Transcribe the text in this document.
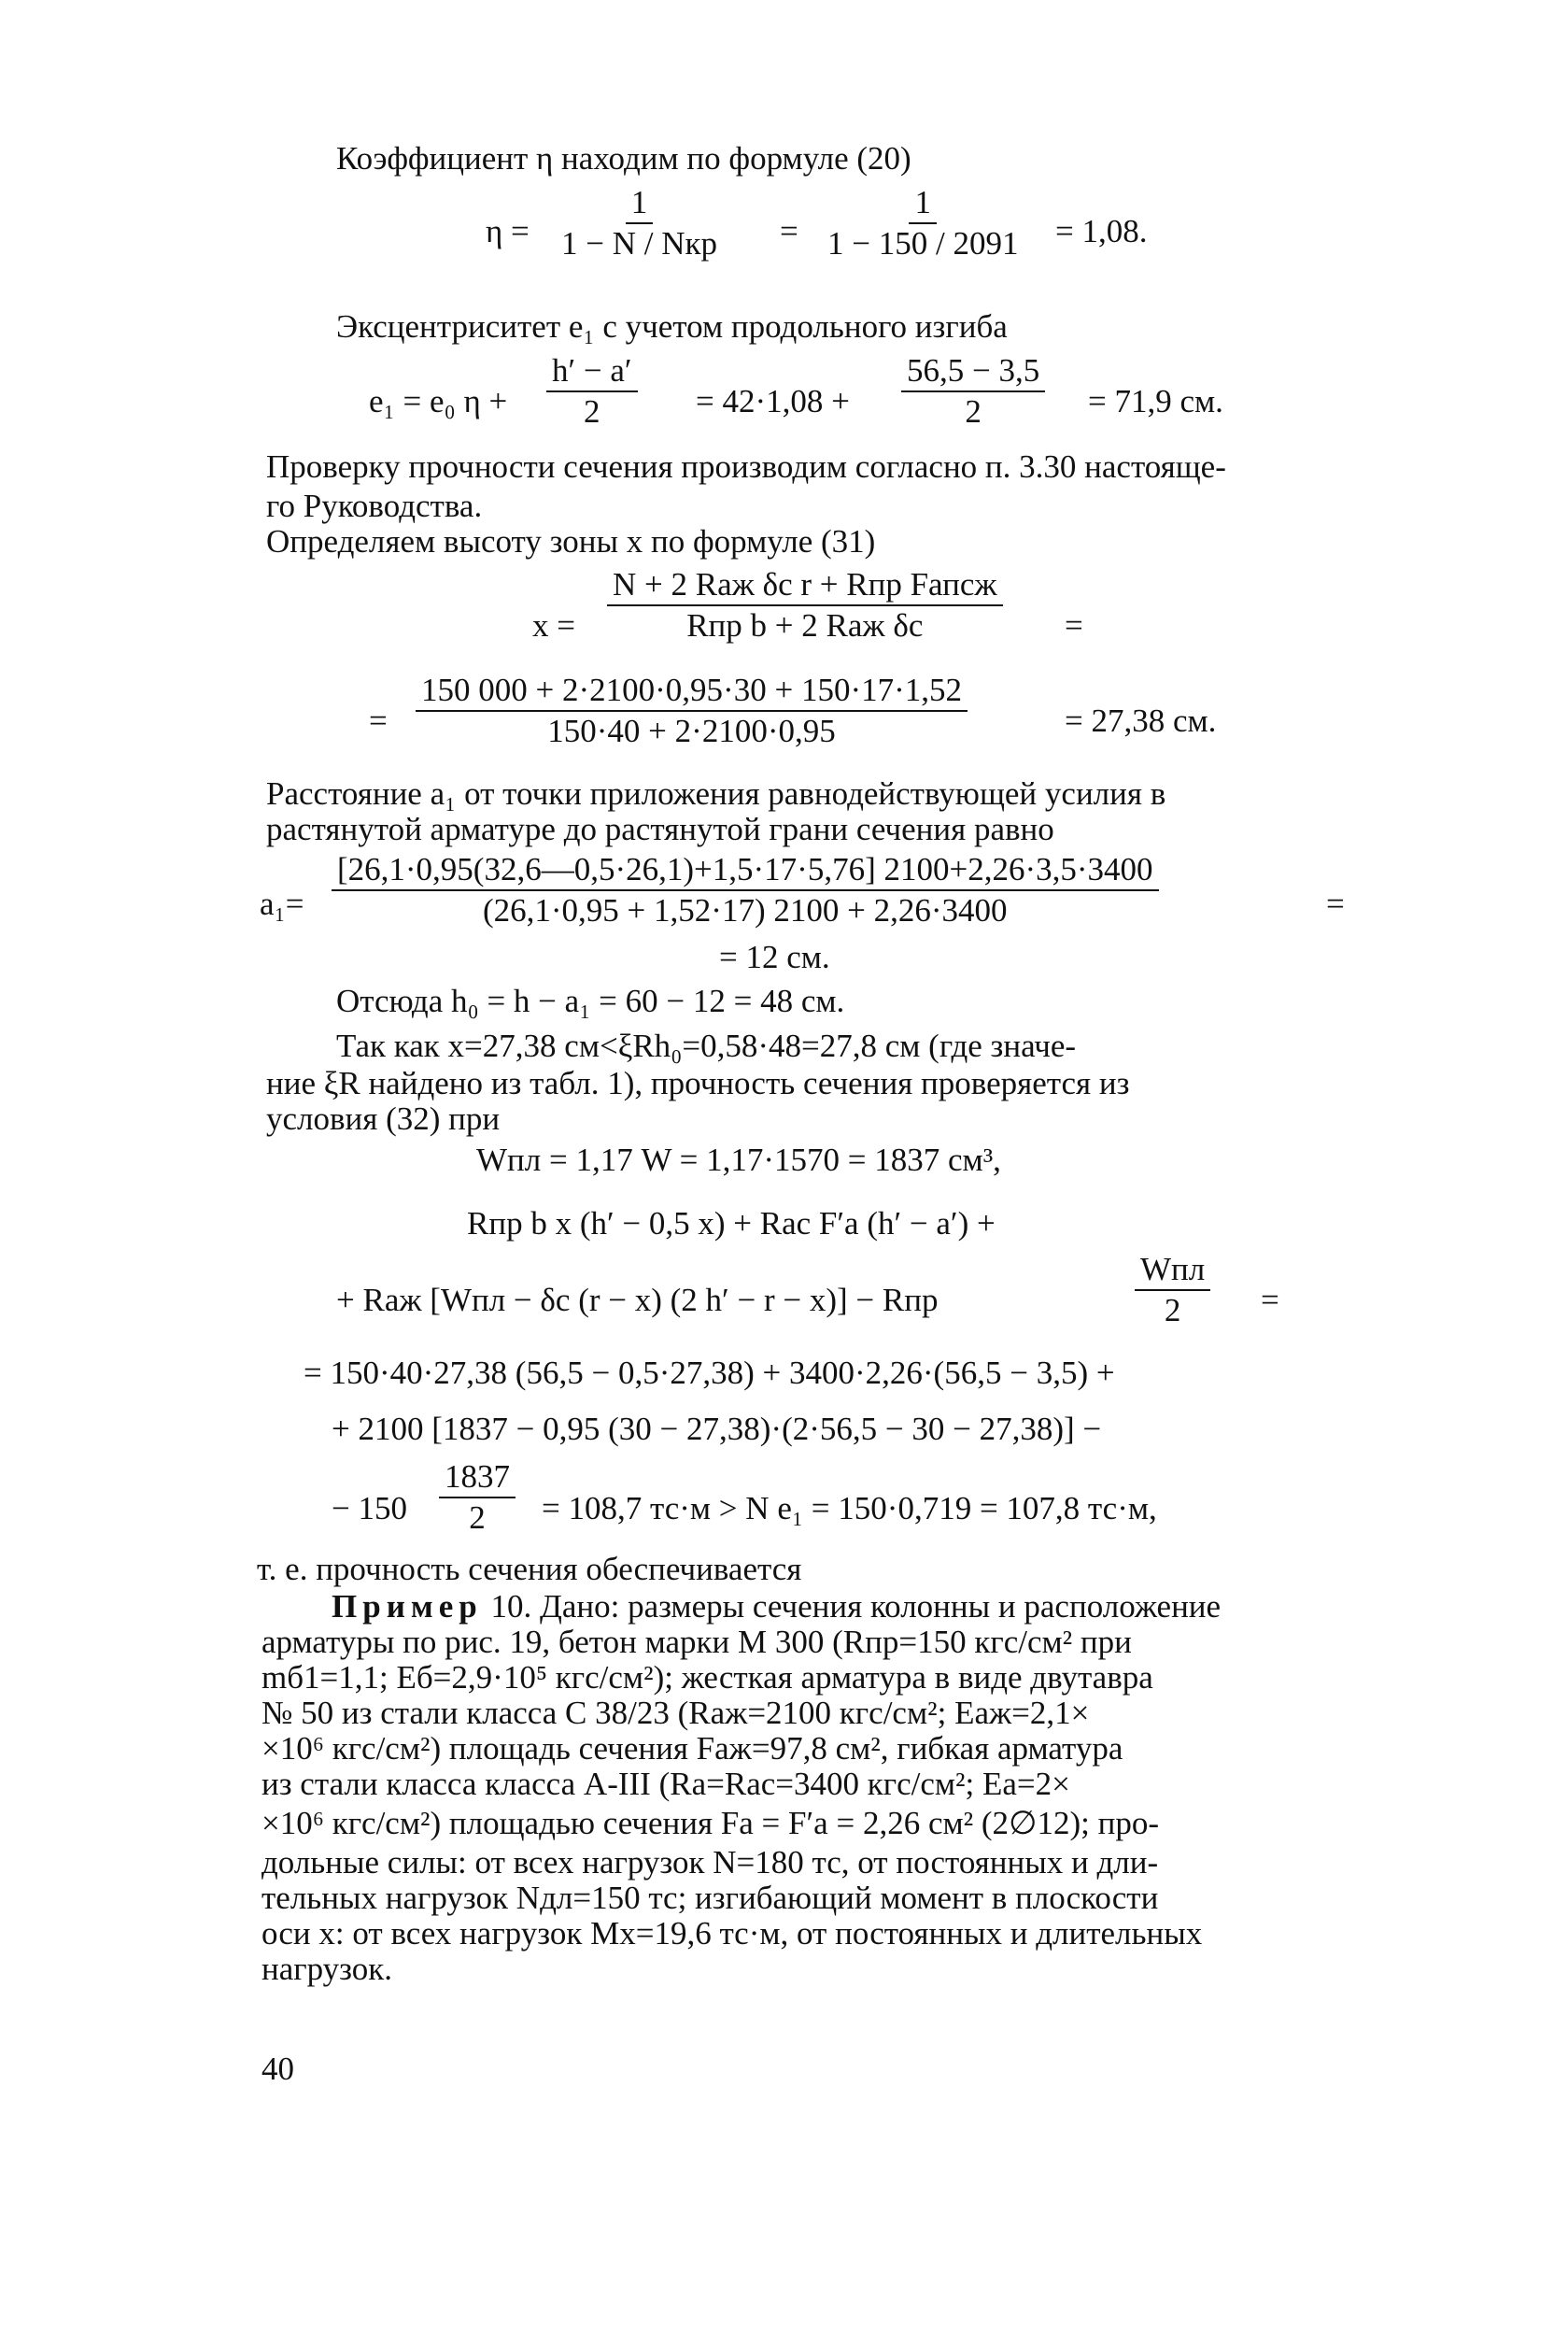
Коэффициент η находим по формуле (20)
η =
1
1 − N / Nкр = $\frac{1}{1 - 150 / 2091} = 1,08$.
Эксцентриситет e₁ с учетом продольного изгиба
e₁ = e₀ $\eta + \frac{h' - a'}{2} = 42\cdot 1,08 + \frac{56,5 - 3,5}{2} = 71,9$ см.
Проверку прочности сечения производим согласно п. 3.30 настояще-
го Руководства.
Определяем высоту зоны x по формуле (31)
x =
N + 2 Rаж δc r + Rпр Fапсж
Rпр b + 2 Rаж δc	=
= $\frac{150 000 + 2\cdot 2100\cdot 0,95\cdot 30 + 150\cdot 17\cdot 1,52}{150\cdot 40 + 2\cdot 2100\cdot 0,95}$	= 27,38 см.
Расстояние a₁ от точки приложения равнодействующей усилия в
растянутой арматуре до растянутой грани сечения равно
$a_1= \frac{[26,1\cdot 0,95(32,6—0,5\cdot 26,1)+1,5\cdot 17\cdot 5,76] 2100+2,26\cdot 3,5\cdot 3400}{(26,1\cdot 0,95 + 1,52\cdot 17) 2100 + 2,26\cdot 3400}$	=
= 12 см.
Отсюда h₀ = h − a₁ = 60 − 12 = 48 см.
Так как x=27,38 см<ξRh₀=0,58·48=27,8 см (где значе-
ние ξR найдено из табл. 1), прочность сечения проверяется из
условия (32) при
Wпл = 1,17 W = 1,17·1570 = 1837 см³,
Rпр b x (h′ − 0,5 x) + Rас F′а (h′ − a′) +
+ Rаж [Wпл − δc (r − x) (2 h′ − r − x)] − Rпр
Wпл
2 =
= 150·40·27,38 (56,5 − 0,5·27,38) + 3400·2,26·(56,5 − 3,5) +
+ 2100 [1837 − 0,95 (30 − 27,38)·(2·56,5 − 30 − 27,38)] −
− $150 \frac{1837}{2} = 108,7$ тс·м > N e₁ = 150·0,719 = 107,8 тс·м,
т. е. прочность сечения обеспечивается
Пример 10. Дано: размеры сечения колонны и расположение
арматуры по рис. 19, бетон марки М 300 (Rпр=150 кгс/см² при
mб1=1,1; Eб=2,9·10⁵ кгс/см²); жесткая арматура в виде двутавра
№ 50 из стали класса С 38/23 (Rаж=2100 кгс/см²; Eаж=2,1×
×10⁶ кгс/см²) площадь сечения Fаж=97,8 см², гибкая арматура
из стали класса класса А-III (Rа=Rас=3400 кгс/см²; Eа=2×
×10⁶ кгс/см²) площадью сечения Fа = F′а = 2,26 см² (2∅12); про-
дольные силы: от всех нагрузок N=180 тс, от постоянных и дли-
тельных нагрузок Nдл=150 тс; изгибающий момент в плоскости
оси x: от всех нагрузок Mx=19,6 тс·м, от постоянных и длительных
нагрузок.
40
